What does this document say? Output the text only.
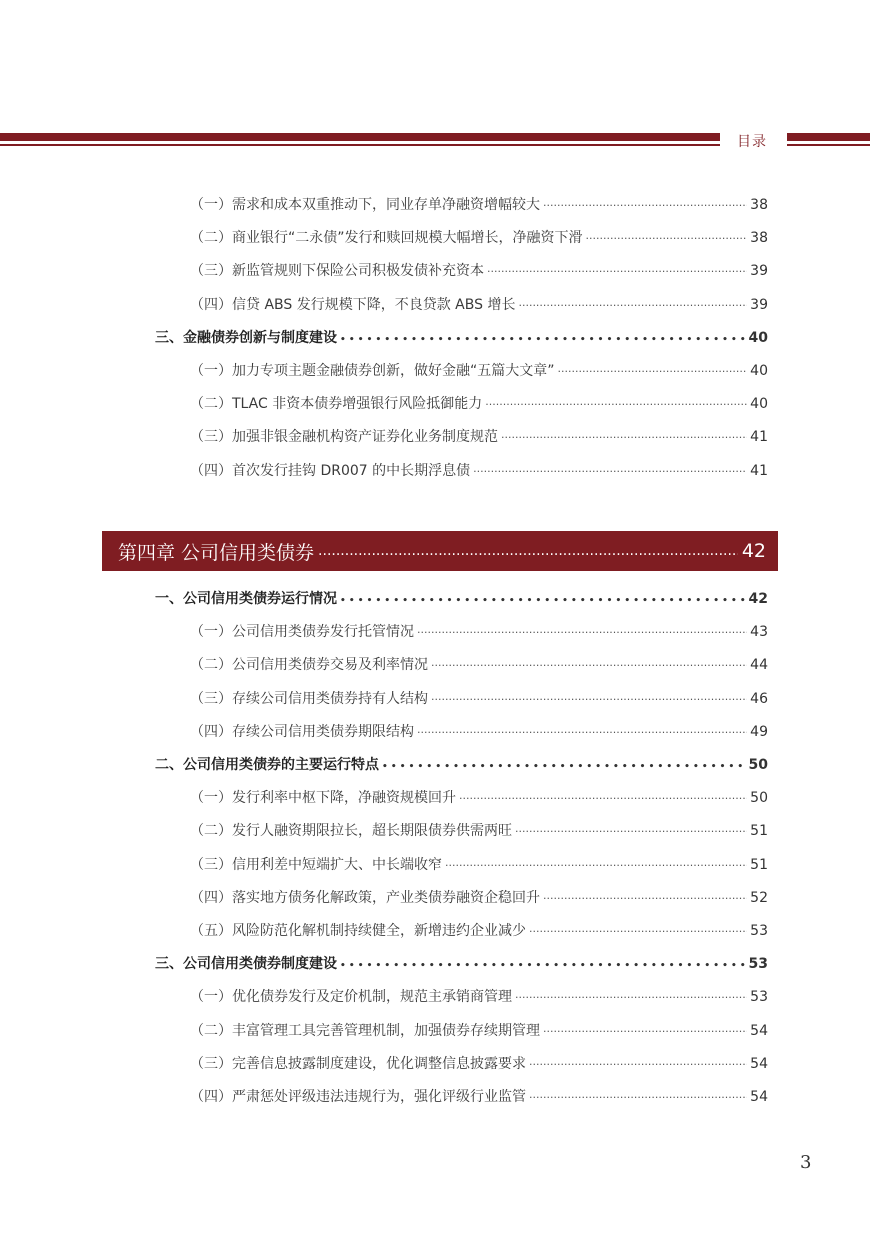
目录
（一）需求和成本双重推动下，同业存单净融资增幅较大 ·····	38
（二）商业银行“二永债”发行和赎回规模大幅增长，净融资下滑 ·····	38
（三）新监管规则下保险公司积极发债补充资本 ·····	39
（四）信贷 ABS 发行规模下降，不良贷款 ABS 增长 ·····	39
三、金融债券创新与制度建设 • • •	40
（一）加力专项主题金融债券创新，做好金融“五篇大文章” ·····	40
（二）TLAC 非资本债券增强银行风险抵御能力 ·····	40
（三）加强非银金融机构资产证券化业务制度规范 ·····	41
（四）首次发行挂钩 DR007 的中长期浮息债 ·····	41
第四章 公司信用类债券 .....	42
一、公司信用类债券运行情况 • • •	42
（一）公司信用类债券发行托管情况 ·····	43
（二）公司信用类债券交易及利率情况 ·····	44
（三）存续公司信用类债券持有人结构 ·····	46
（四）存续公司信用类债券期限结构 ·····	49
二、公司信用类债券的主要运行特点 • • •	50
（一）发行利率中枢下降，净融资规模回升 ·····	50
（二）发行人融资期限拉长，超长期限债券供需两旺 ·····	51
（三）信用利差中短端扩大、中长端收窄 ·····	51
（四）落实地方债务化解政策，产业类债券融资企稳回升 ·····	52
（五）风险防范化解机制持续健全，新增违约企业减少 ·····	53
三、公司信用类债券制度建设 • • •	53
（一）优化债券发行及定价机制，规范主承销商管理 ·····	53
（二）丰富管理工具完善管理机制，加强债券存续期管理 ·····	54
（三）完善信息披露制度建设，优化调整信息披露要求 ·····	54
（四）严肃惩处评级违法违规行为，强化评级行业监管 ·····	54
3
